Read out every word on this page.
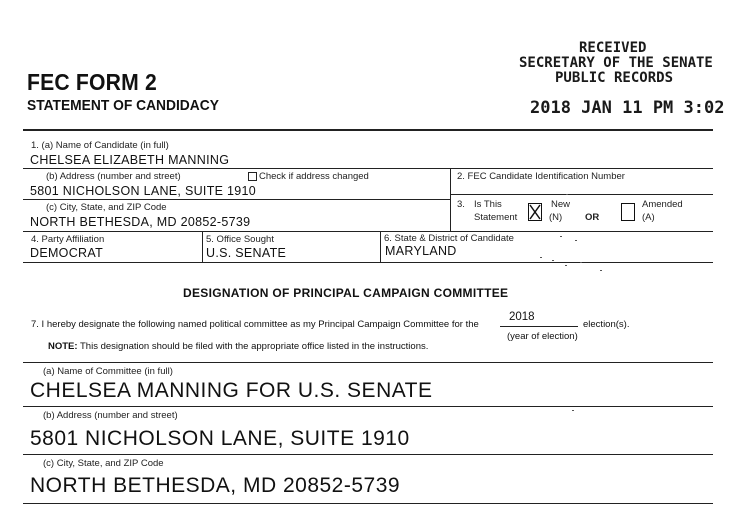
FEC FORM 2
STATEMENT OF CANDIDACY
RECEIVED
SECRETARY OF THE SENATE
PUBLIC RECORDS
2018 JAN 11 PM 3:02
1. (a) Name of Candidate (in full)
CHELSEA ELIZABETH MANNING
(b) Address (number and street)	Check if address changed
5801 NICHOLSON LANE, SUITE 1910
(c) City, State, and ZIP Code
NORTH BETHESDA, MD 20852-5739
2. FEC Candidate Identification Number
3. Is This
Statement
New
(N) OR
Amended
(A)
4. Party Affiliation
DEMOCRAT
5. Office Sought
U.S. SENATE
6. State & District of Candidate
MARYLAND
DESIGNATION OF PRINCIPAL CAMPAIGN COMMITTEE
7. I hereby designate the following named political committee as my Principal Campaign Committee for the
2018
election(s).
(year of election)
NOTE: This designation should be filed with the appropriate office listed in the instructions.
(a) Name of Committee (in full)
CHELSEA MANNING FOR U.S. SENATE
(b) Address (number and street)
5801 NICHOLSON LANE, SUITE 1910
(c) City, State, and ZIP Code
NORTH BETHESDA, MD 20852-5739
